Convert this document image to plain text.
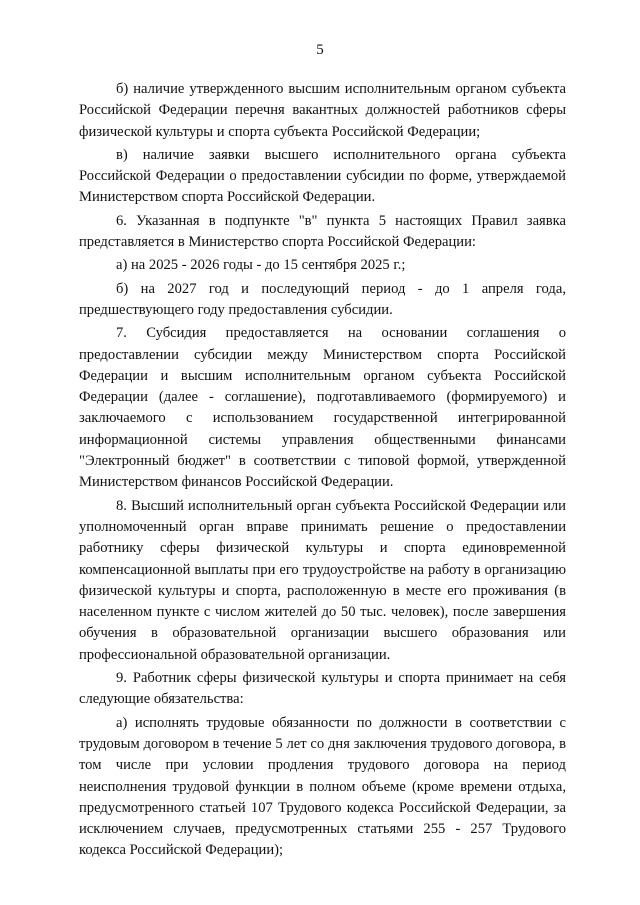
5

б) наличие утвержденного высшим исполнительным органом субъекта Российской Федерации перечня вакантных должностей работников сферы физической культуры и спорта субъекта Российской Федерации;

в) наличие заявки высшего исполнительного органа субъекта Российской Федерации о предоставлении субсидии по форме, утверждаемой Министерством спорта Российской Федерации.

6. Указанная в подпункте "в" пункта 5 настоящих Правил заявка представляется в Министерство спорта Российской Федерации:

а) на 2025 - 2026 годы - до 15 сентября 2025 г.;

б) на 2027 год и последующий период - до 1 апреля года, предшествующего году предоставления субсидии.

7. Субсидия предоставляется на основании соглашения о предоставлении субсидии между Министерством спорта Российской Федерации и высшим исполнительным органом субъекта Российской Федерации (далее - соглашение), подготавливаемого (формируемого) и заключаемого с использованием государственной интегрированной информационной системы управления общественными финансами "Электронный бюджет" в соответствии с типовой формой, утвержденной Министерством финансов Российской Федерации.

8. Высший исполнительный орган субъекта Российской Федерации или уполномоченный орган вправе принимать решение о предоставлении работнику сферы физической культуры и спорта единовременной компенсационной выплаты при его трудоустройстве на работу в организацию физической культуры и спорта, расположенную в месте его проживания (в населенном пункте с числом жителей до 50 тыс. человек), после завершения обучения в образовательной организации высшего образования или профессиональной образовательной организации.

9. Работник сферы физической культуры и спорта принимает на себя следующие обязательства:

а) исполнять трудовые обязанности по должности в соответствии с трудовым договором в течение 5 лет со дня заключения трудового договора, в том числе при условии продления трудового договора на период неисполнения трудовой функции в полном объеме (кроме времени отдыха, предусмотренного статьей 107 Трудового кодекса Российской Федерации, за исключением случаев, предусмотренных статьями 255 - 257 Трудового кодекса Российской Федерации);
